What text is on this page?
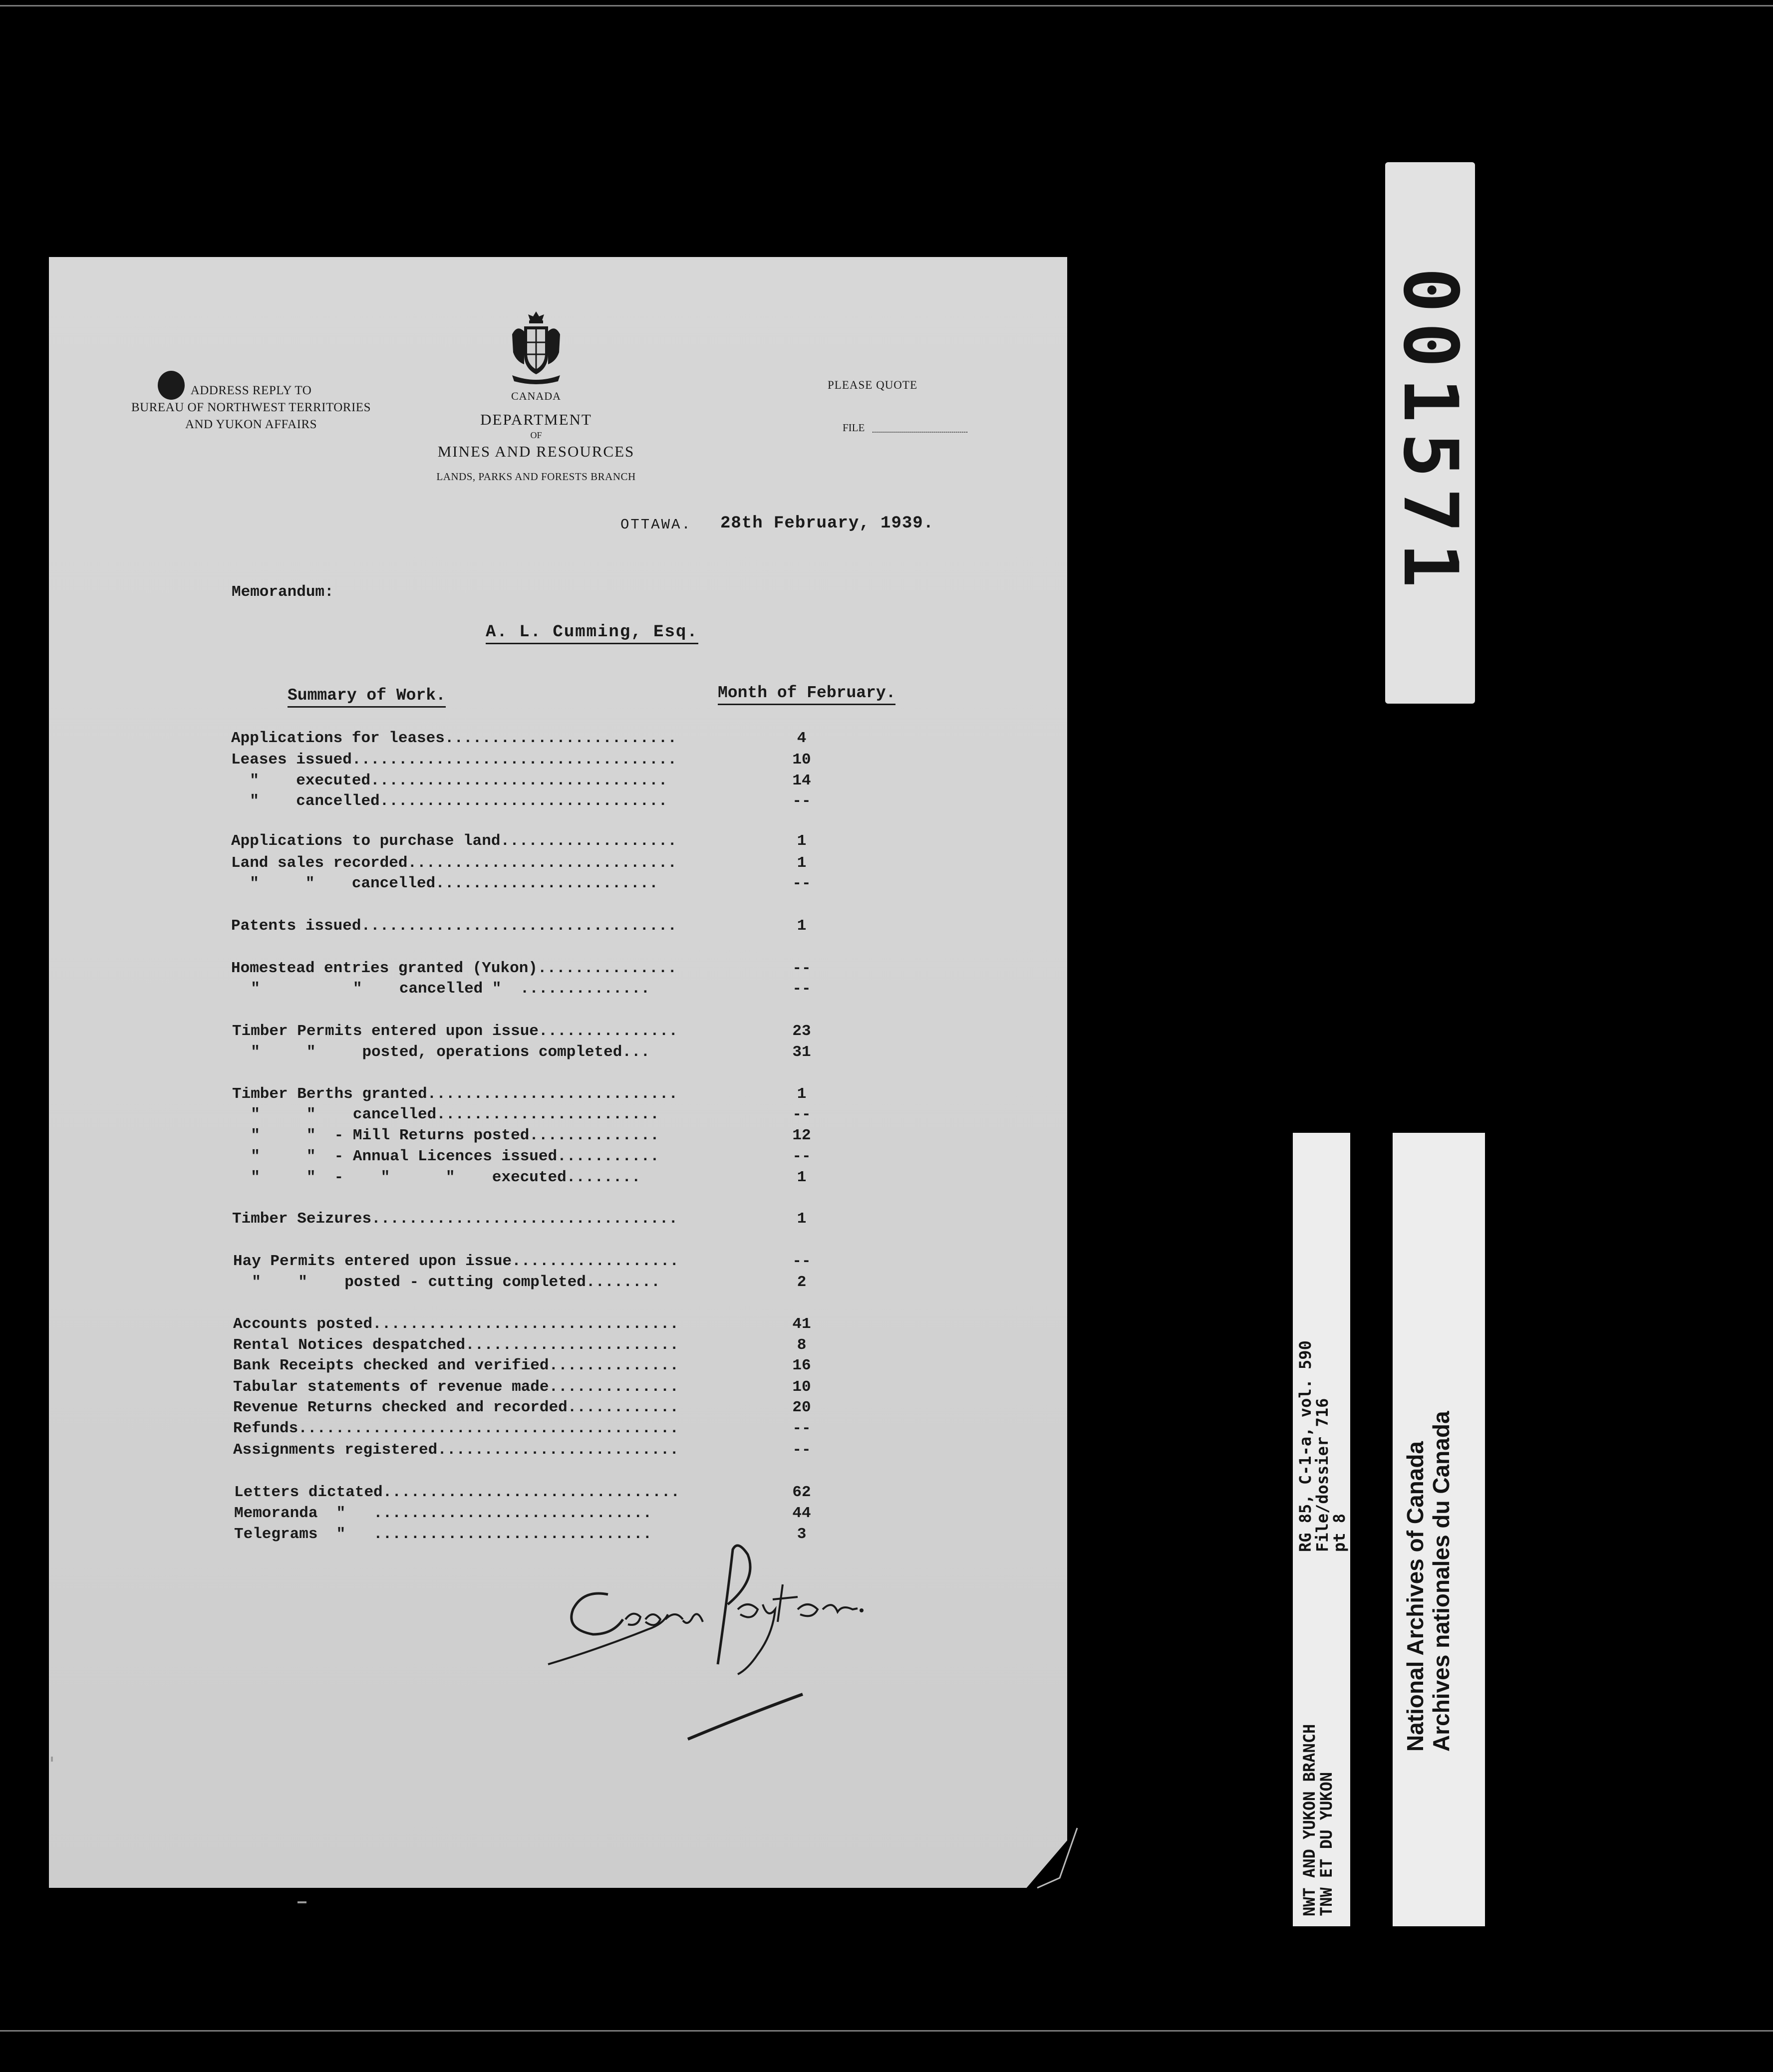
ADDRESS REPLY TO
BUREAU OF NORTHWEST TERRITORIES
AND YUKON AFFAIRS
CANADA
DEPARTMENT
OF
MINES AND RESOURCES
LANDS, PARKS AND FORESTS BRANCH
PLEASE QUOTE
FILE
OTTAWA. 28th February, 1939.
Memorandum:
A. L. Cumming, Esq.
Summary of Work.	Month of February.
Applications for leases.........................	4
Leases issued...................................	10
"    executed................................	14
"    cancelled...............................	--
Applications to purchase land...................	1
Land sales recorded.............................	1
"     "    cancelled........................	--
Patents issued..................................	1
Homestead entries granted (Yukon)...............	--
"          "    cancelled "  ..............	--
Timber Permits entered upon issue...............	23
"     "     posted, operations completed...	31
Timber Berths granted...........................	1
"     "    cancelled........................	--
"     "  - Mill Returns posted..............	12
"     "  - Annual Licences issued...........	--
"     "  -    "      "    executed........	1
Timber Seizures.................................	1
Hay Permits entered upon issue..................	--
"    "    posted - cutting completed........	2
Accounts posted.................................	41
Rental Notices despatched.......................	8
Bank Receipts checked and verified..............	16
Tabular statements of revenue made..............	10
Revenue Returns checked and recorded............	20
Refunds.........................................	--
Assignments registered..........................	--
Letters dictated................................	62
Memoranda  "   ..............................	44
Telegrams  "   ..............................	3
001571
NWT AND YUKON BRANCH
TNW ET DU YUKON
RG 85, C-1-a, vol. 590
File/dossier 716
pt 8 National Archives of Canada Archives nationales du Canada
